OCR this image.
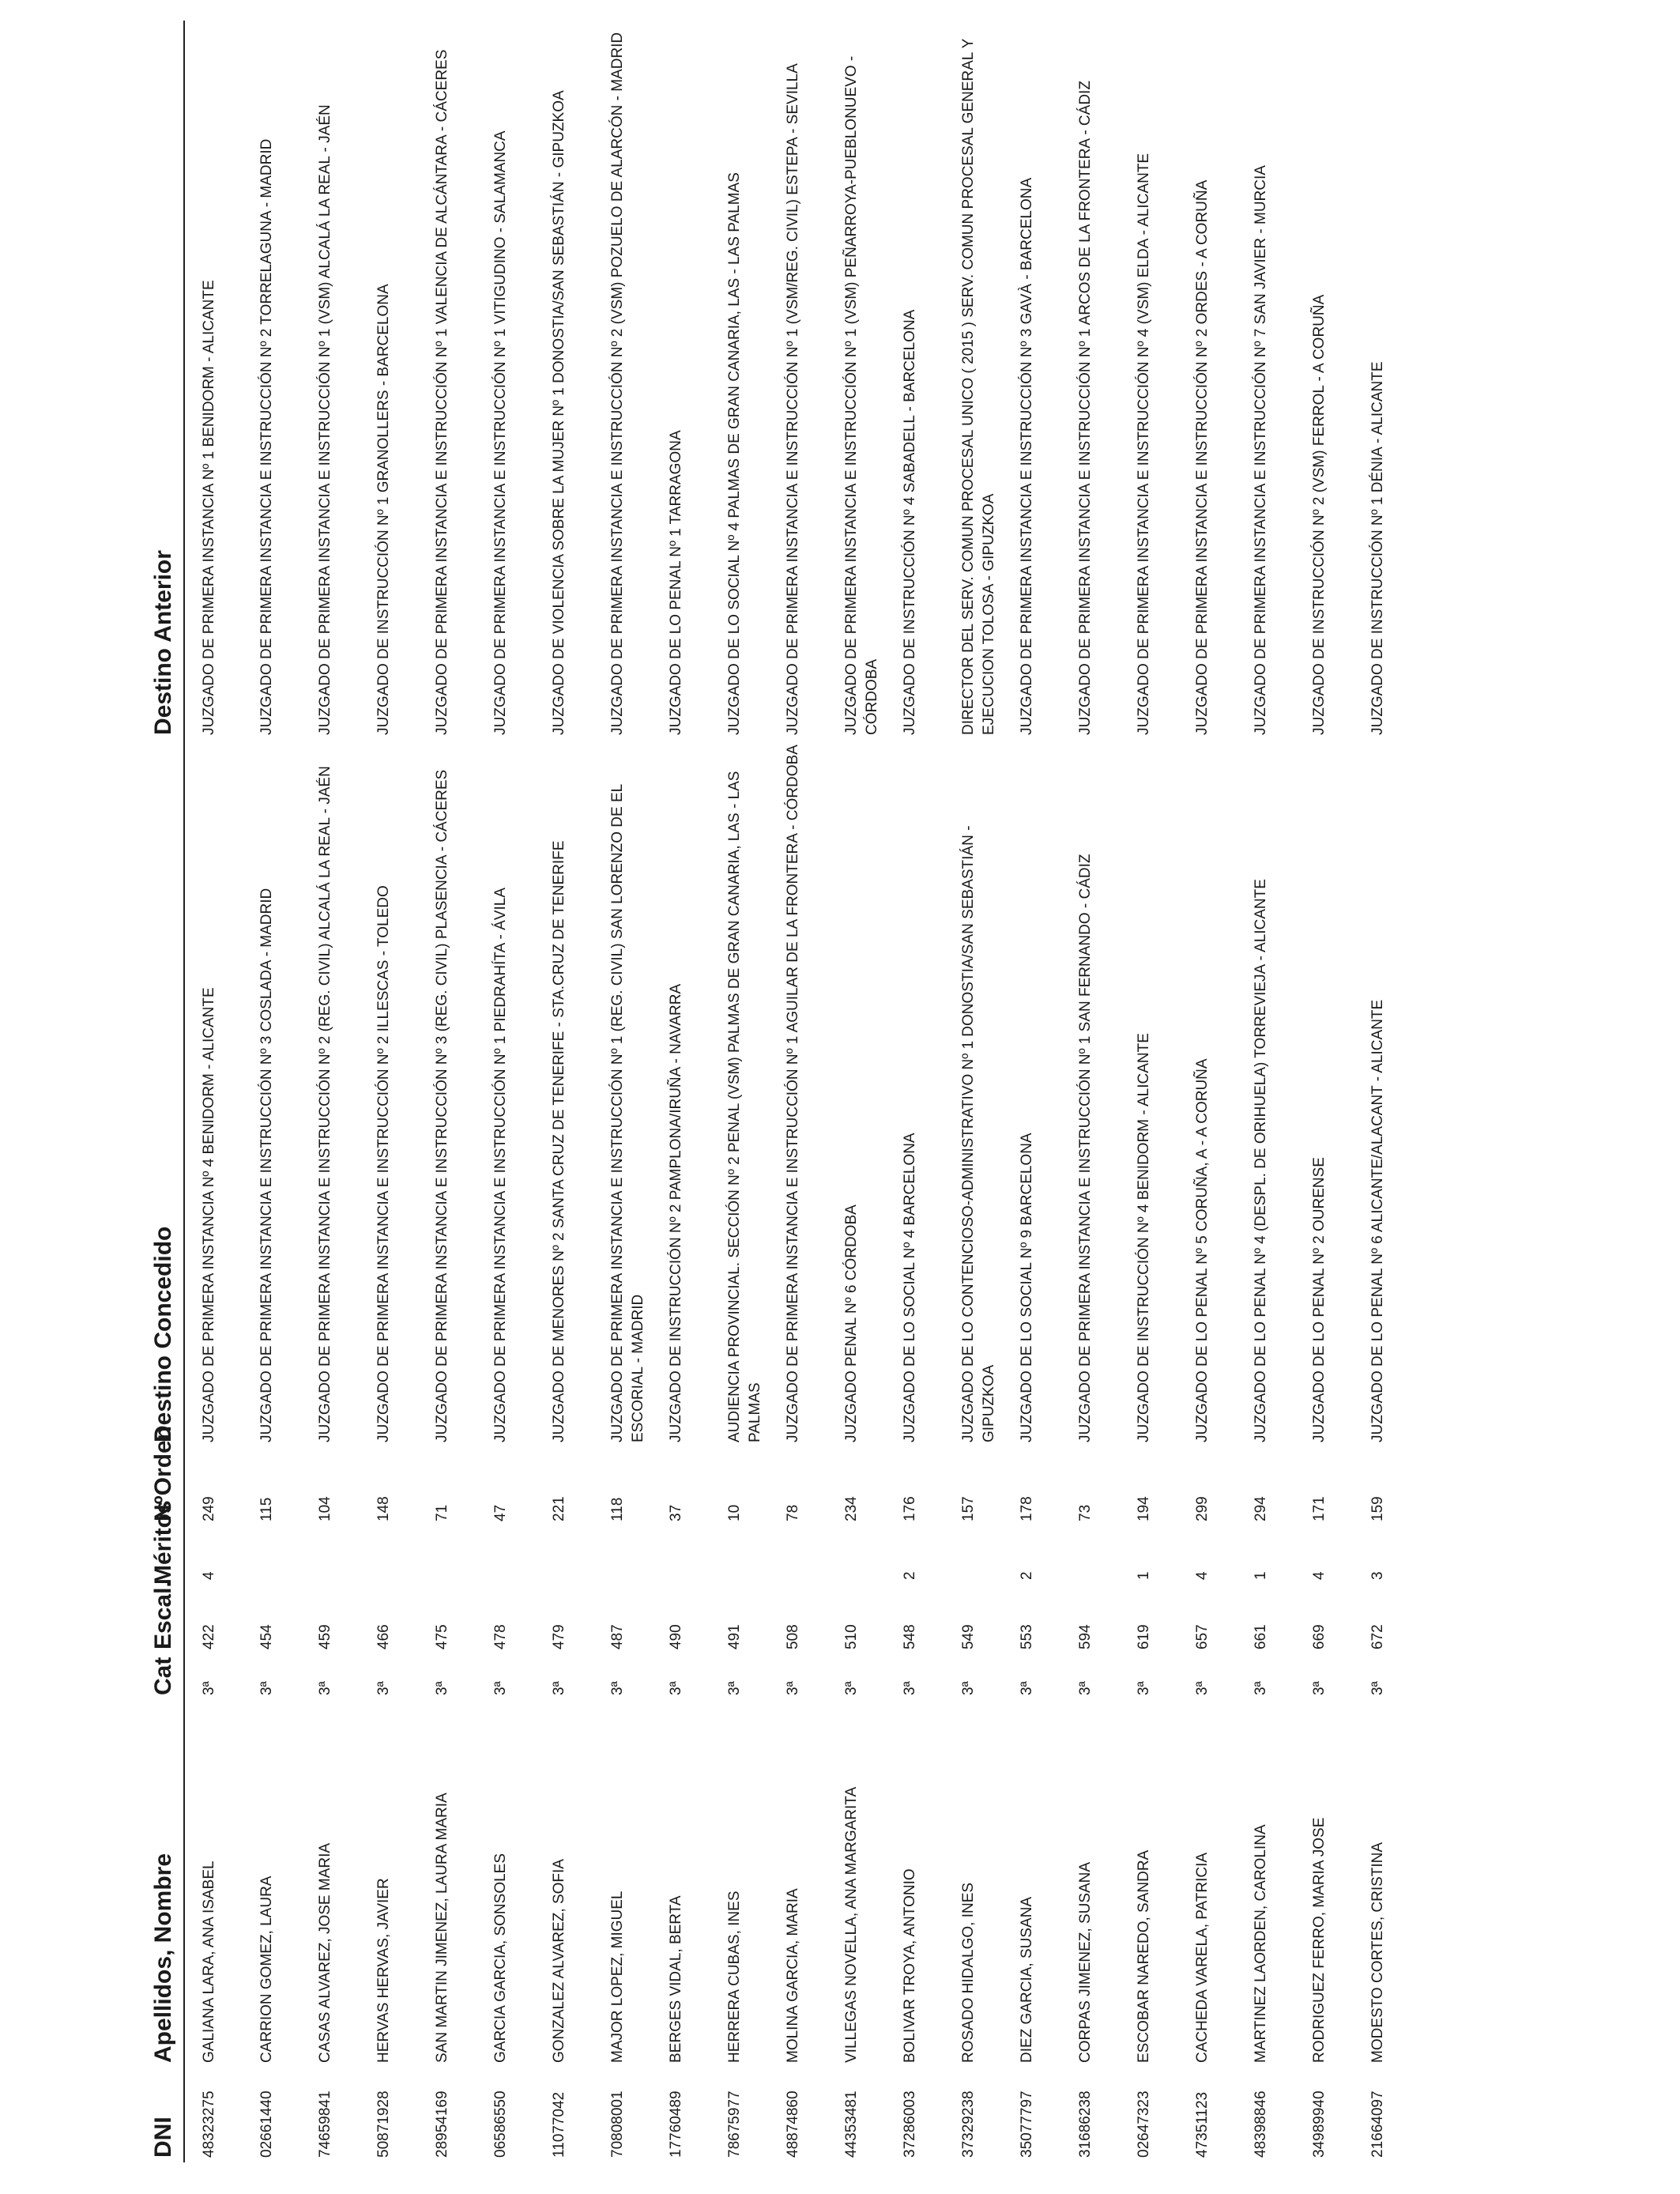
DNI	Apellidos, Nombre	Cat	Escal.	Méritos	NºOrden	Destino Concedido	Destino Anterior
48323275	GALIANA LARA, ANA ISABEL	3ª	422	4	249	JUZGADO DE PRIMERA INSTANCIA Nº 4 BENIDORM - ALICANTE	JUZGADO DE PRIMERA INSTANCIA Nº 1 BENIDORM - ALICANTE
02661440	CARRION GOMEZ, LAURA	3ª	454		115	JUZGADO DE PRIMERA INSTANCIA E INSTRUCCIÓN Nº 3 COSLADA - MADRID	JUZGADO DE PRIMERA INSTANCIA E INSTRUCCIÓN Nº 2 TORRELAGUNA - MADRID
74659841	CASAS ALVAREZ, JOSE MARIA	3ª	459		104	JUZGADO DE PRIMERA INSTANCIA E INSTRUCCIÓN Nº 2 (REG. CIVIL) ALCALÁ LA REAL - JAÉN	JUZGADO DE PRIMERA INSTANCIA E INSTRUCCIÓN Nº 1 (VSM) ALCALÁ LA REAL - JAÉN
50871928	HERVAS HERVAS, JAVIER	3ª	466		148	JUZGADO DE PRIMERA INSTANCIA E INSTRUCCIÓN Nº 2 ILLESCAS - TOLEDO	JUZGADO DE INSTRUCCIÓN Nº 1 GRANOLLERS - BARCELONA
28954169	SAN MARTIN JIMENEZ, LAURA MARIA	3ª	475		71	JUZGADO DE PRIMERA INSTANCIA E INSTRUCCIÓN Nº 3 (REG. CIVIL) PLASENCIA - CÁCERES	JUZGADO DE PRIMERA INSTANCIA E INSTRUCCIÓN Nº 1 VALENCIA DE ALCÁNTARA - CÁCERES
06586550	GARCIA GARCIA, SONSOLES	3ª	478		47	JUZGADO DE PRIMERA INSTANCIA E INSTRUCCIÓN Nº 1 PIEDRAHÍTA - ÁVILA	JUZGADO DE PRIMERA INSTANCIA E INSTRUCCIÓN Nº 1 VITIGUDINO - SALAMANCA
11077042	GONZALEZ ALVAREZ, SOFIA	3ª	479		221	JUZGADO DE MENORES Nº 2 SANTA CRUZ DE TENERIFE - STA.CRUZ DE TENERIFE	JUZGADO DE VIOLENCIA SOBRE LA MUJER Nº 1 DONOSTIA/SAN SEBASTIÁN - GIPUZKOA
70808001	MAJOR LOPEZ, MIGUEL	3ª	487		118	JUZGADO DE PRIMERA INSTANCIA E INSTRUCCIÓN Nº 1 (REG. CIVIL) SAN LORENZO DE EL ESCORIAL - MADRID	JUZGADO DE PRIMERA INSTANCIA E INSTRUCCIÓN Nº 2 (VSM) POZUELO DE ALARCÓN - MADRID
17760489	BERGES VIDAL, BERTA	3ª	490		37	JUZGADO DE INSTRUCCIÓN Nº 2 PAMPLONA/IRUÑA - NAVARRA	JUZGADO DE LO PENAL Nº 1 TARRAGONA
78675977	HERRERA CUBAS, INES	3ª	491		10	AUDIENCIA PROVINCIAL. SECCIÓN Nº 2 PENAL (VSM) PALMAS DE GRAN CANARIA, LAS - LAS PALMAS	JUZGADO DE LO SOCIAL Nº 4 PALMAS DE GRAN CANARIA, LAS - LAS PALMAS
48874860	MOLINA GARCIA, MARIA	3ª	508		78	JUZGADO DE PRIMERA INSTANCIA E INSTRUCCIÓN Nº 1 AGUILAR DE LA FRONTERA - CÓRDOBA	JUZGADO DE PRIMERA INSTANCIA E INSTRUCCIÓN Nº 1 (VSM/REG. CIVIL) ESTEPA - SEVILLA
44353481	VILLEGAS NOVELLA, ANA MARGARITA	3ª	510		234	JUZGADO PENAL Nº 6 CÓRDOBA	JUZGADO DE PRIMERA INSTANCIA E INSTRUCCIÓN Nº 1 (VSM) PEÑARROYA-PUEBLONUEVO - CÓRDOBA
37286003	BOLIVAR TROYA, ANTONIO	3ª	548	2	176	JUZGADO DE LO SOCIAL Nº 4 BARCELONA	JUZGADO DE INSTRUCCIÓN Nº 4 SABADELL - BARCELONA
37329238	ROSADO HIDALGO, INES	3ª	549		157	JUZGADO DE LO CONTENCIOSO-ADMINISTRATIVO Nº 1 DONOSTIA/SAN SEBASTIÁN - GIPUZKOA	DIRECTOR DEL SERV. COMUN PROCESAL UNICO ( 2015 ) SERV. COMUN PROCESAL GENERAL Y EJECUCION TOLOSA - GIPUZKOA
35077797	DIEZ GARCIA, SUSANA	3ª	553	2	178	JUZGADO DE LO SOCIAL Nº 9 BARCELONA	JUZGADO DE PRIMERA INSTANCIA E INSTRUCCIÓN Nº 3 GAVÀ - BARCELONA
31686238	CORPAS JIMENEZ, SUSANA	3ª	594		73	JUZGADO DE PRIMERA INSTANCIA E INSTRUCCIÓN Nº 1 SAN FERNANDO - CÁDIZ	JUZGADO DE PRIMERA INSTANCIA E INSTRUCCIÓN Nº 1 ARCOS DE LA FRONTERA - CÁDIZ
02647323	ESCOBAR NAREDO, SANDRA	3ª	619	1	194	JUZGADO DE INSTRUCCIÓN Nº 4 BENIDORM - ALICANTE	JUZGADO DE PRIMERA INSTANCIA E INSTRUCCIÓN Nº 4 (VSM) ELDA - ALICANTE
47351123	CACHEDA VARELA, PATRICIA	3ª	657	4	299	JUZGADO DE LO PENAL Nº 5 CORUÑA, A - A CORUÑA	JUZGADO DE PRIMERA INSTANCIA E INSTRUCCIÓN Nº 2 ORDES - A CORUÑA
48398846	MARTINEZ LAORDEN, CAROLINA	3ª	661	1	294	JUZGADO DE LO PENAL Nº 4 (DESPL. DE ORIHUELA) TORREVIEJA - ALICANTE	JUZGADO DE PRIMERA INSTANCIA E INSTRUCCIÓN Nº 7 SAN JAVIER - MURCIA
34989940	RODRIGUEZ FERRO, MARIA JOSE	3ª	669	4	171	JUZGADO DE LO PENAL Nº 2 OURENSE	JUZGADO DE INSTRUCCIÓN Nº 2 (VSM) FERROL - A CORUÑA
21664097	MODESTO CORTES, CRISTINA	3ª	672	3	159	JUZGADO DE LO PENAL Nº 6 ALICANTE/ALACANT - ALICANTE	JUZGADO DE INSTRUCCIÓN Nº 1 DÉNIA - ALICANTE
